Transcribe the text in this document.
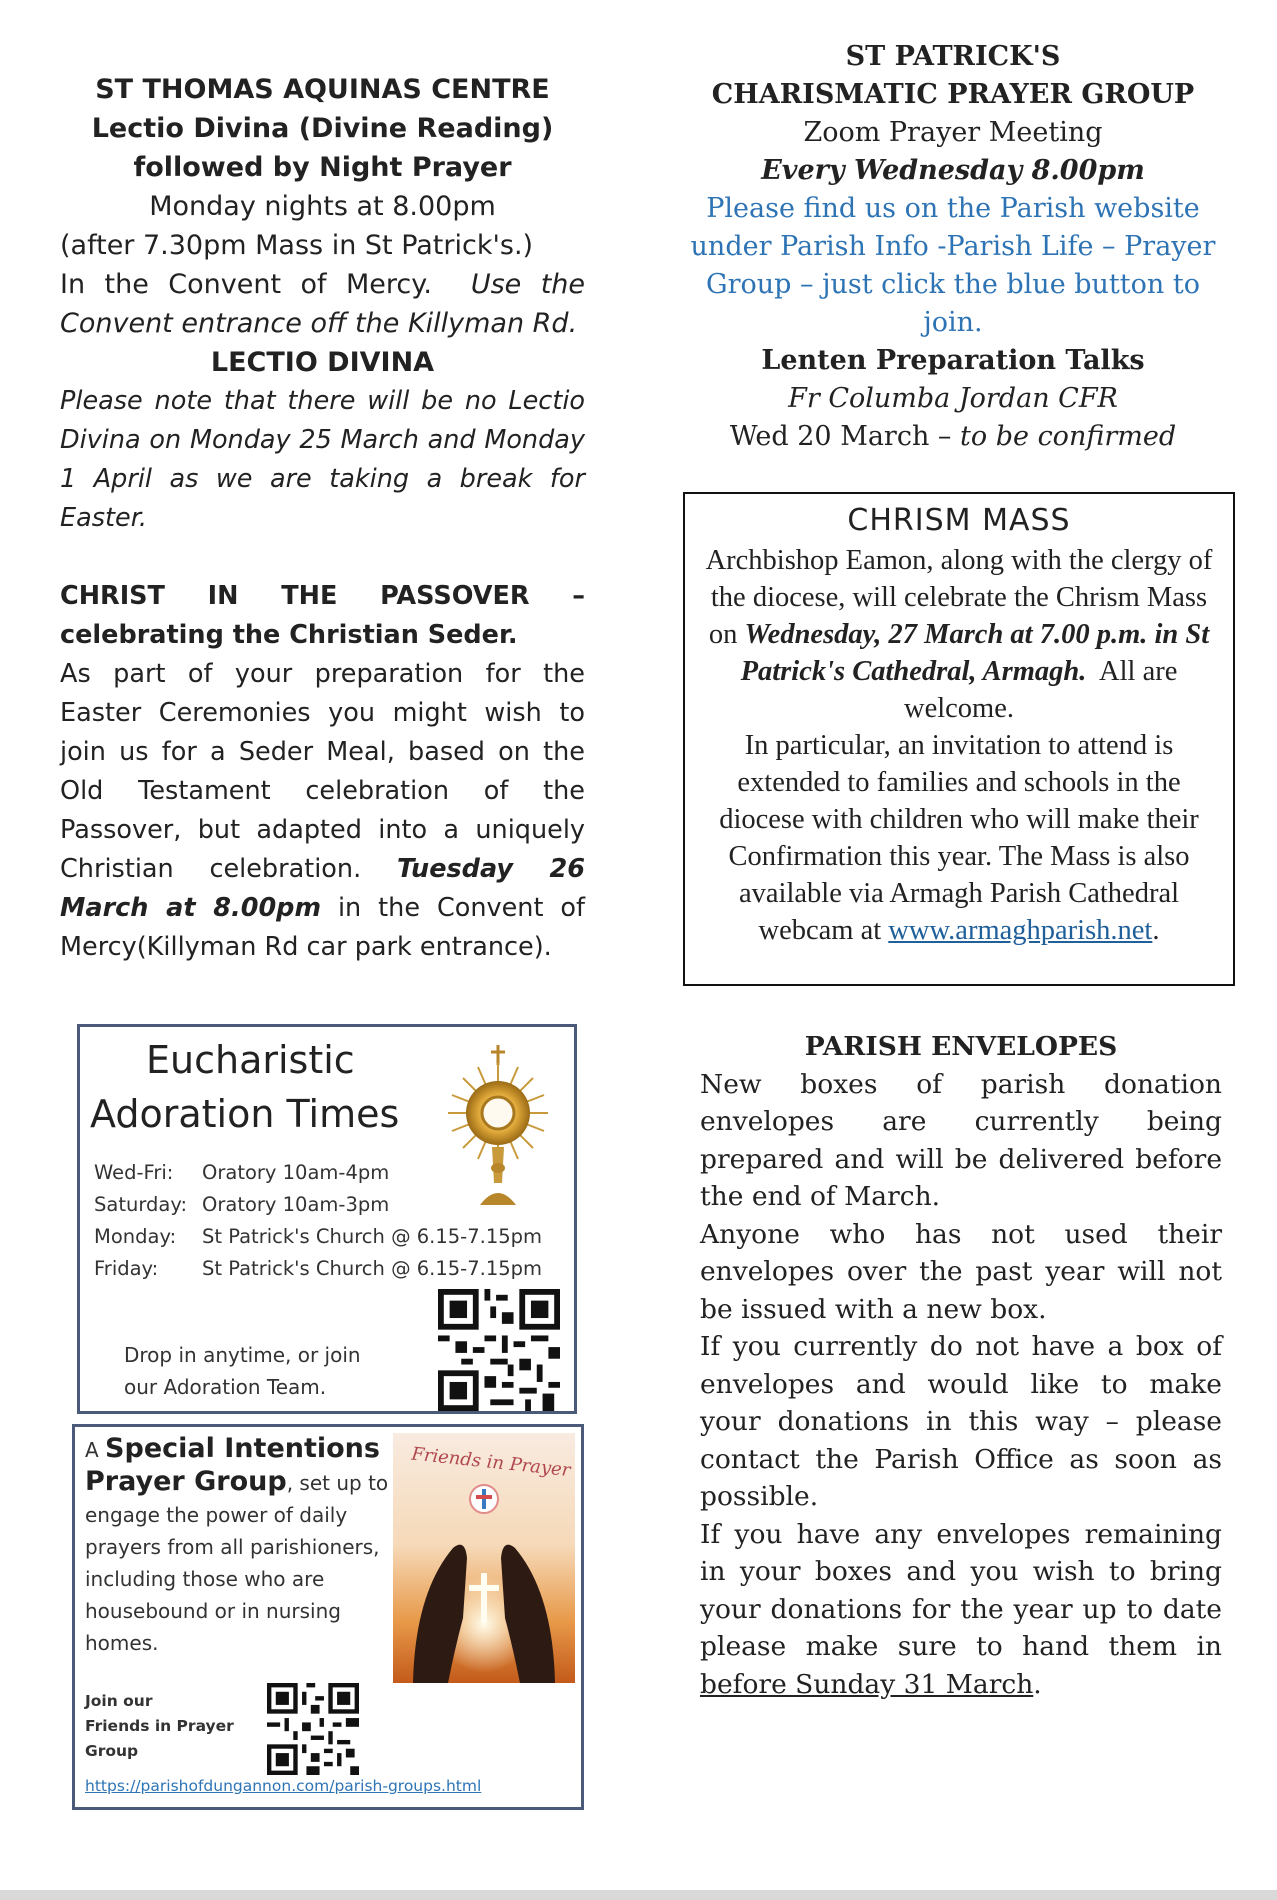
ST THOMAS AQUINAS CENTRE
Lectio Divina (Divine Reading)
followed by Night Prayer
Monday nights at 8.00pm
(after 7.30pm Mass in St Patrick's.)

In the Convent of Mercy. Use the Convent entrance off the Killyman Rd.

LECTIO DIVINA

Please note that there will be no Lectio Divina on Monday 25 March and Monday 1 April as we are taking a break for Easter.

CHRIST IN THE PASSOVER – celebrating the Christian Seder.

As part of your preparation for the Easter Ceremonies you might wish to join us for a Seder Meal, based on the Old Testament celebration of the Passover, but adapted into a uniquely Christian celebration. Tuesday 26 March at 8.00pm in the Convent of Mercy(Killyman Rd car park entrance).

Eucharistic
Adoration Times
Wed-Fri: Oratory 10am-4pm
Saturday: Oratory 10am-3pm
Monday: St Patrick's Church @ 6.15-7.15pm
Friday: St Patrick's Church @ 6.15-7.15pm
Drop in anytime, or join
our Adoration Team.
A Special Intentions Prayer Group, set up to engage the power of daily prayers from all parishioners, including those who are housebound or in nursing homes.
Join our
Friends in Prayer
Group
https://parishofdungannon.com/parish-groups.html
Friends in Prayer
ST PATRICK'S
CHARISMATIC PRAYER GROUP
Zoom Prayer Meeting
Every Wednesday 8.00pm
Please find us on the Parish website under Parish Info -Parish Life – Prayer Group – just click the blue button to join.
Lenten Preparation Talks
Fr Columba Jordan CFR
Wed 20 March – to be confirmed
CHRISM MASS

Archbishop Eamon, along with the clergy of the diocese, will celebrate the Chrism Mass on Wednesday, 27 March at 7.00 p.m. in St Patrick's Cathedral, Armagh. All are welcome.

In particular, an invitation to attend is extended to families and schools in the diocese with children who will make their Confirmation this year. The Mass is also available via Armagh Parish Cathedral

webcam at www.armaghparish.net.

PARISH ENVELOPES

New boxes of parish donation envelopes are currently being prepared and will be delivered before the end of March.

Anyone who has not used their envelopes over the past year will not be issued with a new box.

If you currently do not have a box of envelopes and would like to make your donations in this way – please contact the Parish Office as soon as possible.

If you have any envelopes remaining in your boxes and you wish to bring your donations for the year up to date please make sure to hand them in before Sunday 31 March.
